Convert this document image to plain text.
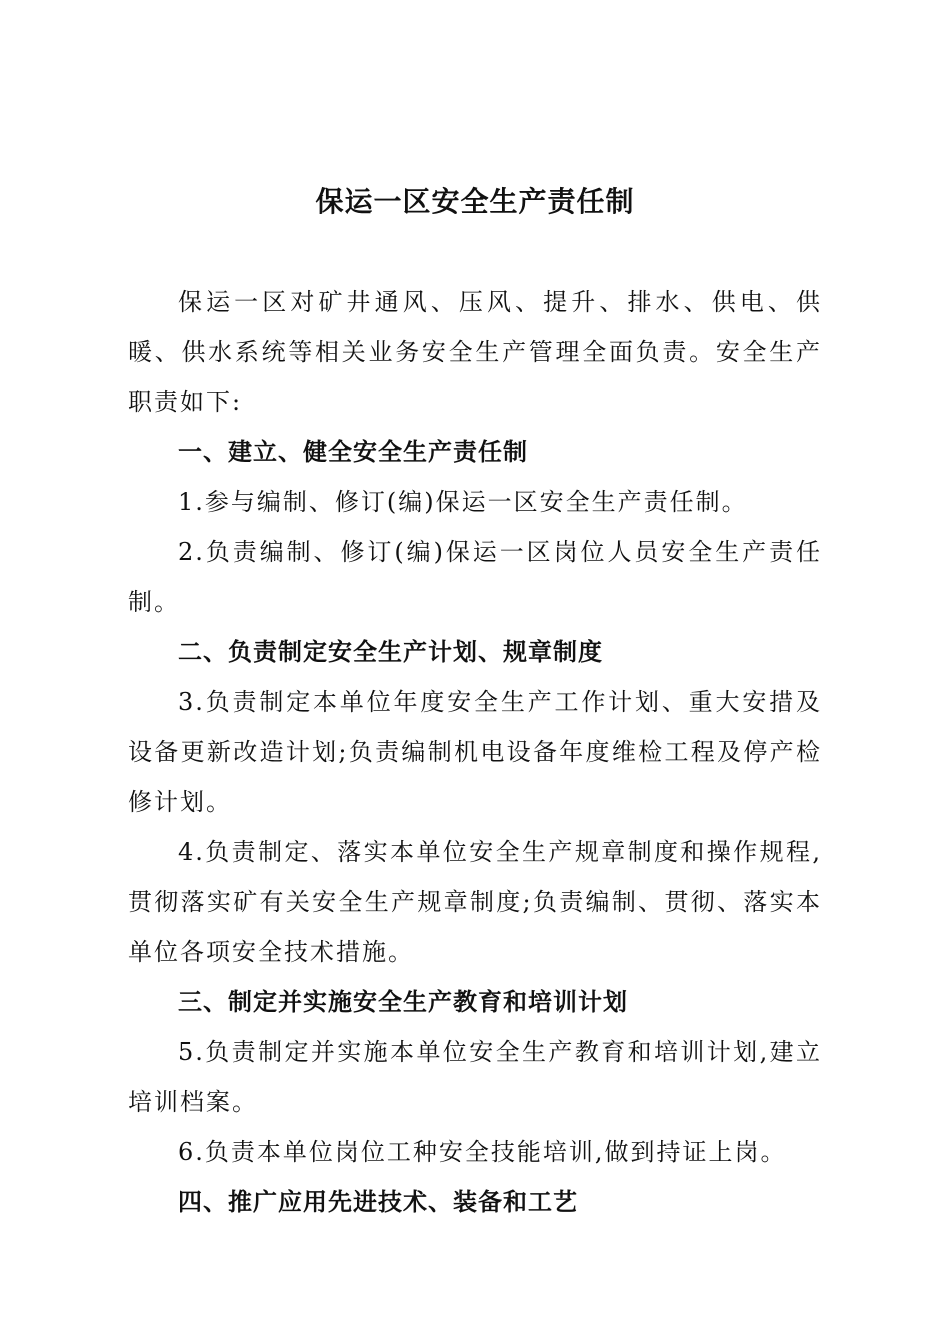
保运一区安全生产责任制

保运一区对矿井通风、压风、提升、排水、供电、供暖、供水系统等相关业务安全生产管理全面负责。安全生产职责如下:

一、建立、健全安全生产责任制

1.参与编制、修订(编)保运一区安全生产责任制。

2.负责编制、修订(编)保运一区岗位人员安全生产责任制。

二、负责制定安全生产计划、规章制度

3.负责制定本单位年度安全生产工作计划、重大安措及设备更新改造计划;负责编制机电设备年度维检工程及停产检修计划。

4.负责制定、落实本单位安全生产规章制度和操作规程,贯彻落实矿有关安全生产规章制度;负责编制、贯彻、落实本单位各项安全技术措施。

三、制定并实施安全生产教育和培训计划

5.负责制定并实施本单位安全生产教育和培训计划,建立培训档案。

6.负责本单位岗位工种安全技能培训,做到持证上岗。

四、推广应用先进技术、装备和工艺
